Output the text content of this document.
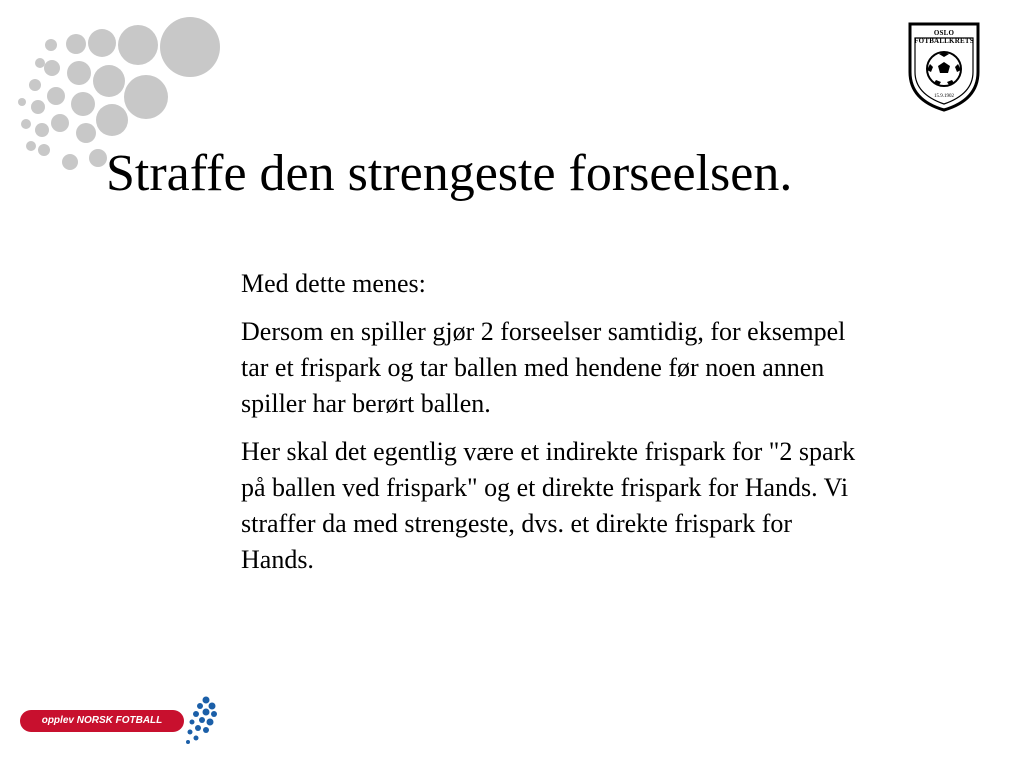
Straffe den strengeste forseelsen.

Med dette menes:

Dersom en spiller gjør 2 forseelser samtidig, for eksempel tar et frispark og tar ballen med hendene før noen annen spiller har berørt ballen.

Her skal det egentlig være et indirekte frispark for "2 spark på ballen ved frispark" og et direkte frispark for Hands. Vi straffer da med strengeste, dvs. et direkte frispark for Hands.

OSLO FOTBALLKRETS
15.9.1902
opplev NORSK FOTBALL
